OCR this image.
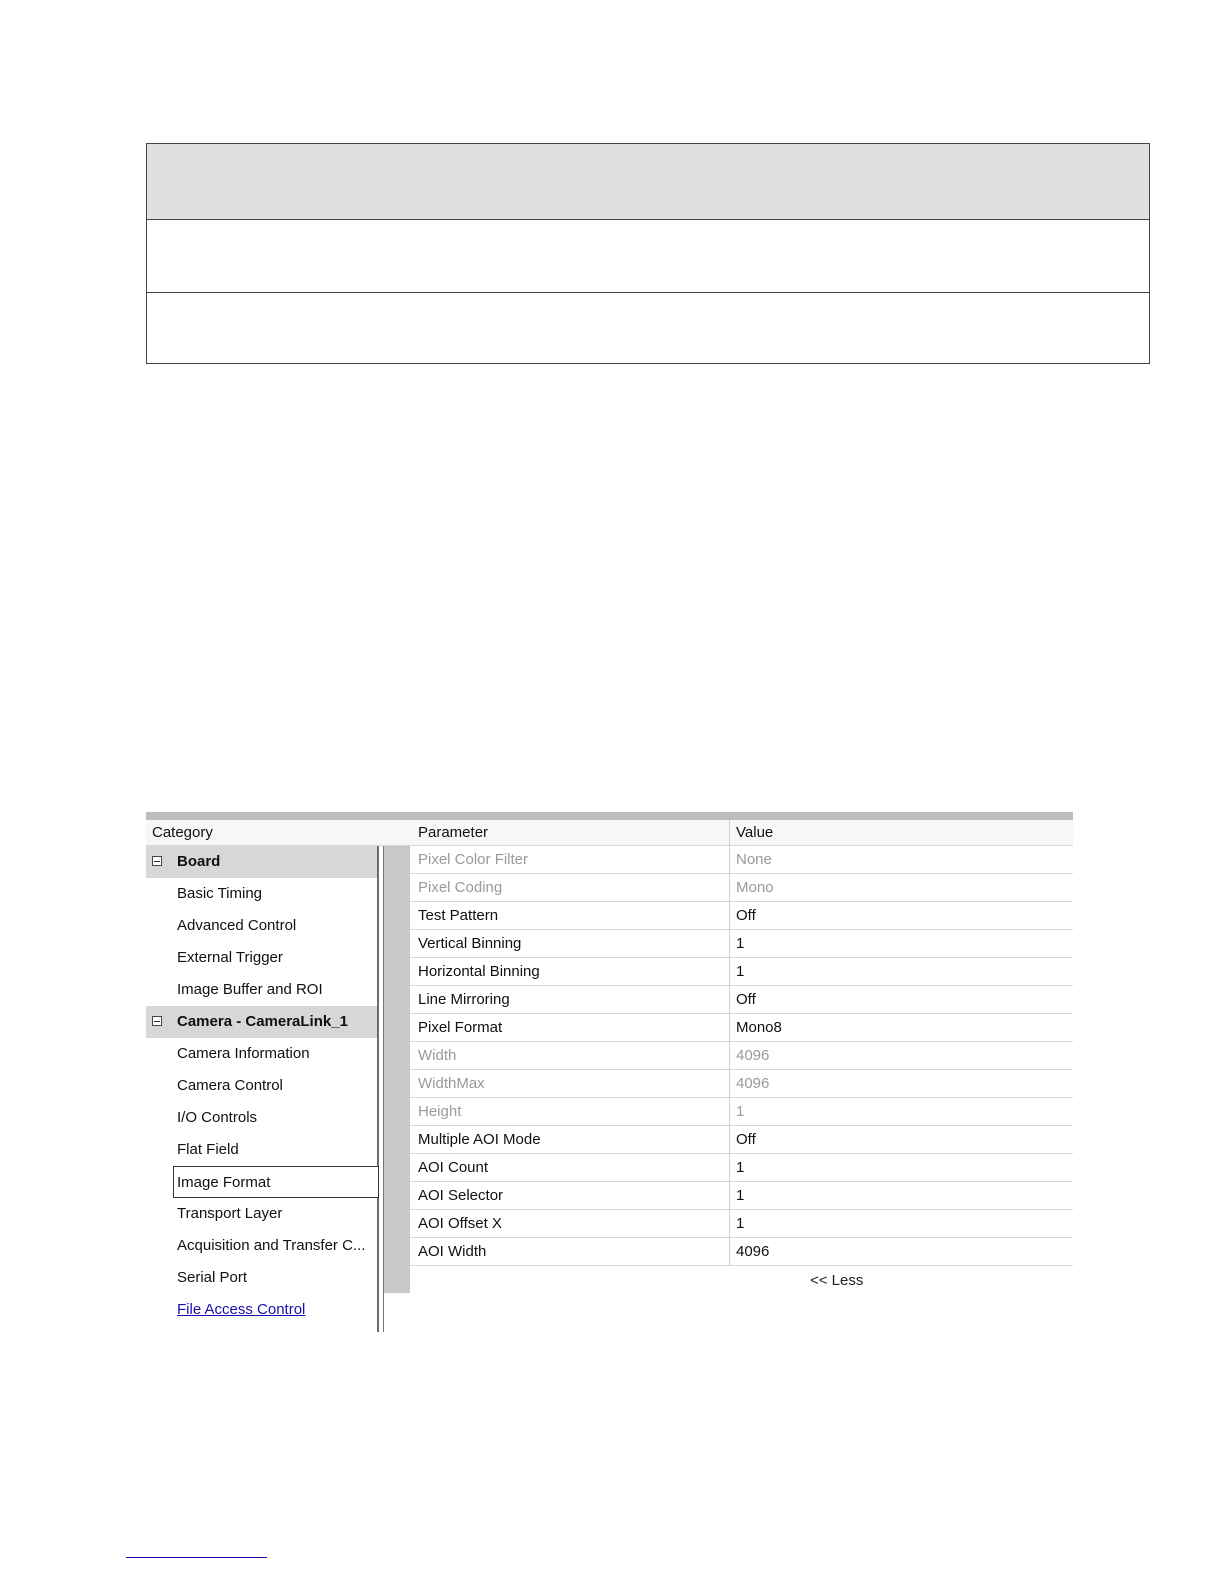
Category	Parameter	Value
Board
Basic Timing
Advanced Control
External Trigger
Image Buffer and ROI
Camera - CameraLink_1
Camera Information
Camera Control
I/O Controls
Flat Field
Image Format
Transport Layer
Acquisition and Transfer C...
Serial Port
File Access Control
<< Less
Pixel Color Filter	None
Pixel Coding	Mono
Test Pattern	Off
Vertical Binning	1
Horizontal Binning	1
Line Mirroring	Off
Pixel Format	Mono8
Width	4096
WidthMax	4096
Height	1
Multiple AOI Mode	Off
AOI Count	1
AOI Selector	1
AOI Offset X	1
AOI Width	4096
